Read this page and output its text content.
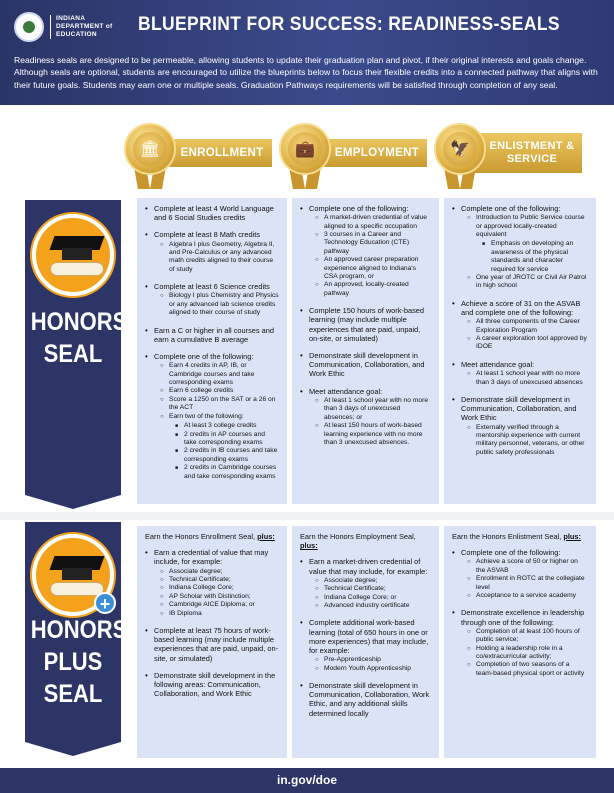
INDIANA
DEPARTMENT of
EDUCATION	BLUEPRINT FOR SUCCESS: READINESS-SEALS
Readiness seals are designed to be permeable, allowing students to update their graduation plan and pivot, if their original interests and goals change. Although seals are optional, students are encouraged to utilize the blueprints below to focus their flexible credits into a connected pathway that aligns with their future goals. Students may earn one or multiple seals. Graduation Pathways requirements will be satisfied through completion of any seal.
ENROLLMENT
🏛	EMPLOYMENT
💼	ENLISTMENT & SERVICE
🦅
HONORS
SEAL
+
HONORS
PLUS
SEAL
• Complete at least 4 World Language and 6 Social Studies credits
• Complete at least 8 Math credits
○ Algebra I plus Geometry, Algebra II, and Pre-Calculus or any advanced math credits aligned to their course of study
• Complete at least 6 Science credits
○ Biology I plus Chemistry and Physics or any advanced lab science credits aligned to their course of study
• Earn a C or higher in all courses and earn a cumulative B average
• Complete one of the following:
○ Earn 4 credits in AP, IB, or Cambridge courses and take corresponding exams
○ Earn 6 college credits
○ Score a 1250 on the SAT or a 26 on the ACT
○ Earn two of the following:
■ At least 3 college credits
■ 2 credits in AP courses and take corresponding exams
■ 2 credits in IB courses and take corresponding exams
■ 2 credits in Cambridge courses and take corresponding exams
• Complete one of the following:
○ A market-driven credential of value aligned to a specific occupation
○ 3 courses in a Career and Technology Education (CTE) pathway
○ An approved career preparation experience aligned to Indiana's CSA program, or
○ An approved, locally-created pathway
• Complete 150 hours of work-based learning (may include multiple experiences that are paid, unpaid, on-site, or simulated)
• Demonstrate skill development in Communication, Collaboration, and Work Ethic
• Meet attendance goal:
○ At least 1 school year with no more than 3 days of unexcused absences; or
○ At least 150 hours of work-based learning experience with no more than 3 unexcused absences.
• Complete one of the following:
○ Introduction to Public Service course or approved locally-created equivalent
■ Emphasis on developing an awareness of the physical standards and character required for service
○ One year of JROTC or Civil Air Patrol in high school
• Achieve a score of 31 on the ASVAB and complete one of the following:
○ All three components of the Career Exploration Program
○ A career exploration tool approved by IDOE
• Meet attendance goal:
○ At least 1 school year with no more than 3 days of unexcused absences
• Demonstrate skill development in Communication, Collaboration, and Work Ethic
○ Externally verified through a mentorship experience with current military personnel, veterans, or other public safety professionals
Earn the Honors Enrollment Seal, plus:
• Earn a credential of value that may include, for example:
○ Associate degree;
○ Technical Certificate;
○ Indiana College Core;
○ AP Scholar with Distinction;
○ Cambridge AICE Diploma; or
○ IB Diploma
• Complete at least 75 hours of work-based learning (may include multiple experiences that are paid, unpaid, on-site, or simulated)
• Demonstrate skill development in the following areas: Communication, Collaboration, and Work Ethic
Earn the Honors Employment Seal, plus:
• Earn a market-driven credential of value that may include, for example:
○ Associate degree;
○ Technical Certificate;
○ Indiana College Core; or
○ Advanced industry certificate
• Complete additional work-based learning (total of 650 hours in one or more experiences) that may include, for example:
○ Pre-Apprenticeship
○ Modern Youth Apprenticeship
• Demonstrate skill development in Communication, Collaboration, Work Ethic, and any additional skills determined locally
Earn the Honors Enlistment Seal, plus:
• Complete one of the following:
○ Achieve a score of 50 or higher on the ASVAB
○ Enrollment in ROTC at the collegiate level
○ Acceptance to a service academy
• Demonstrate excellence in leadership through one of the following:
○ Completion of at least 100 hours of public service;
○ Holding a leadership role in a co/extracurricular activity;
○ Completion of two seasons of a team-based physical sport or activity
in.gov/doe
